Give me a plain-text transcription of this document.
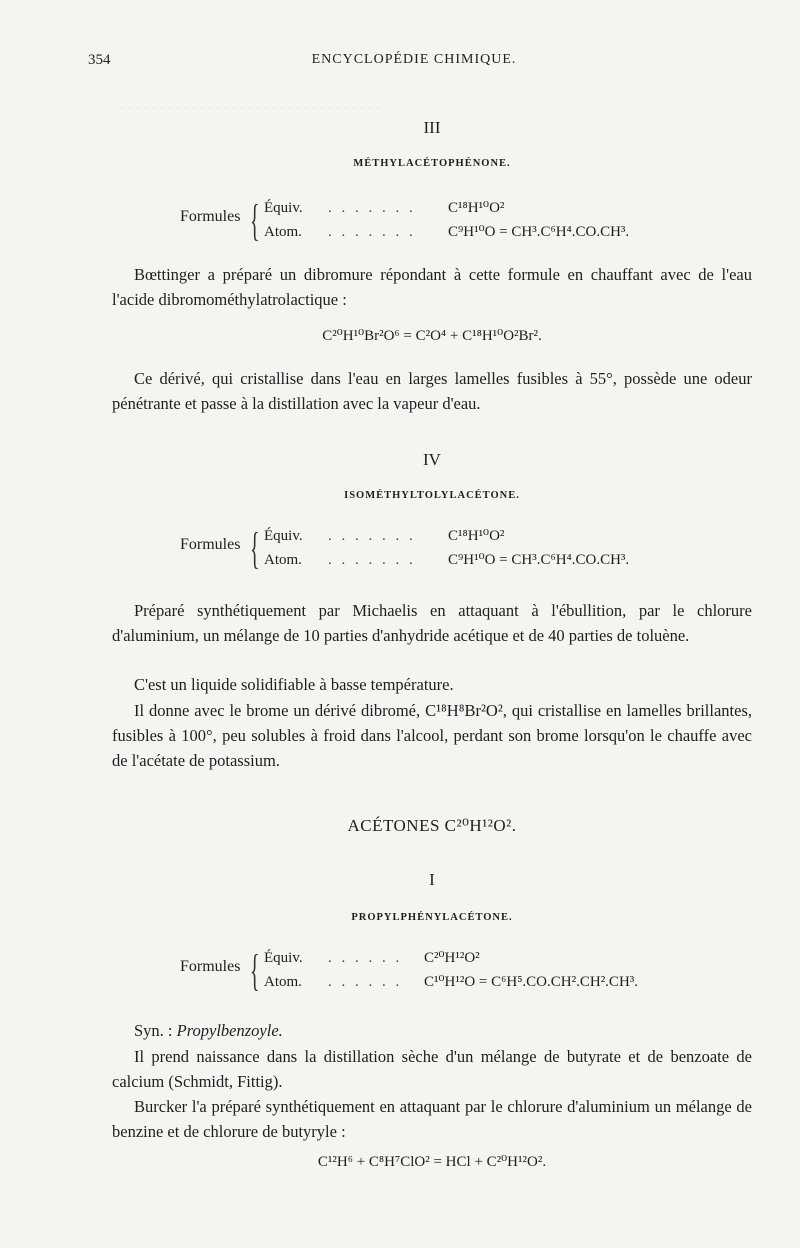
. . . . . . . . . . . . . . . . . . . . . . . . . . . . . . . . .
. . . . . . . . . . . . . . . . . . . . . . . . . . . . . . . . .
. . . . . . . . . . . . . . . . . . . . . . . . . . . . . . . . .
354	ENCYCLOPÉDIE CHIMIQUE.
III
MÉTHYLACÉTOPHÉNONE.
Formules { Équiv. . . . . . . . C¹⁸H¹⁰O²
Atom. . . . . . . . C⁹H¹⁰O = CH³.C⁶H⁴.CO.CH³.
Bœttinger a préparé un dibromure répondant à cette formule en chauffant avec de l'eau l'acide dibromométhylatrolactique :
C²⁰H¹⁰Br²O⁶ = C²O⁴ + C¹⁸H¹⁰O²Br².
Ce dérivé, qui cristallise dans l'eau en larges lamelles fusibles à 55°, possède une odeur pénétrante et passe à la distillation avec la vapeur d'eau.
IV
ISOMÉTHYLTOLYLACÉTONE.
Formules { Équiv. . . . . . . . C¹⁸H¹⁰O²
Atom. . . . . . . . C⁹H¹⁰O = CH³.C⁶H⁴.CO.CH³.
Préparé synthétiquement par Michaelis en attaquant à l'ébullition, par le chlorure d'aluminium, un mélange de 10 parties d'anhydride acétique et de 40 parties de toluène.
C'est un liquide solidifiable à basse température.
Il donne avec le brome un dérivé dibromé, C¹⁸H⁸Br²O², qui cristallise en lamelles brillantes, fusibles à 100°, peu solubles à froid dans l'alcool, perdant son brome lorsqu'on le chauffe avec de l'acétate de potassium.
ACÉTONES C²⁰H¹²O².
I
PROPYLPHÉNYLACÉTONE.
Formules { Équiv. . . . . . . C²⁰H¹²O²
Atom. . . . . . . C¹⁰H¹²O = C⁶H⁵.CO.CH².CH².CH³.
Syn. : Propylbenzoyle.
Il prend naissance dans la distillation sèche d'un mélange de butyrate et de benzoate de calcium (Schmidt, Fittig).
Burcker l'a préparé synthétiquement en attaquant par le chlorure d'aluminium un mélange de benzine et de chlorure de butyryle :
C¹²H⁶ + C⁸H⁷ClO² = HCl + C²⁰H¹²O².
